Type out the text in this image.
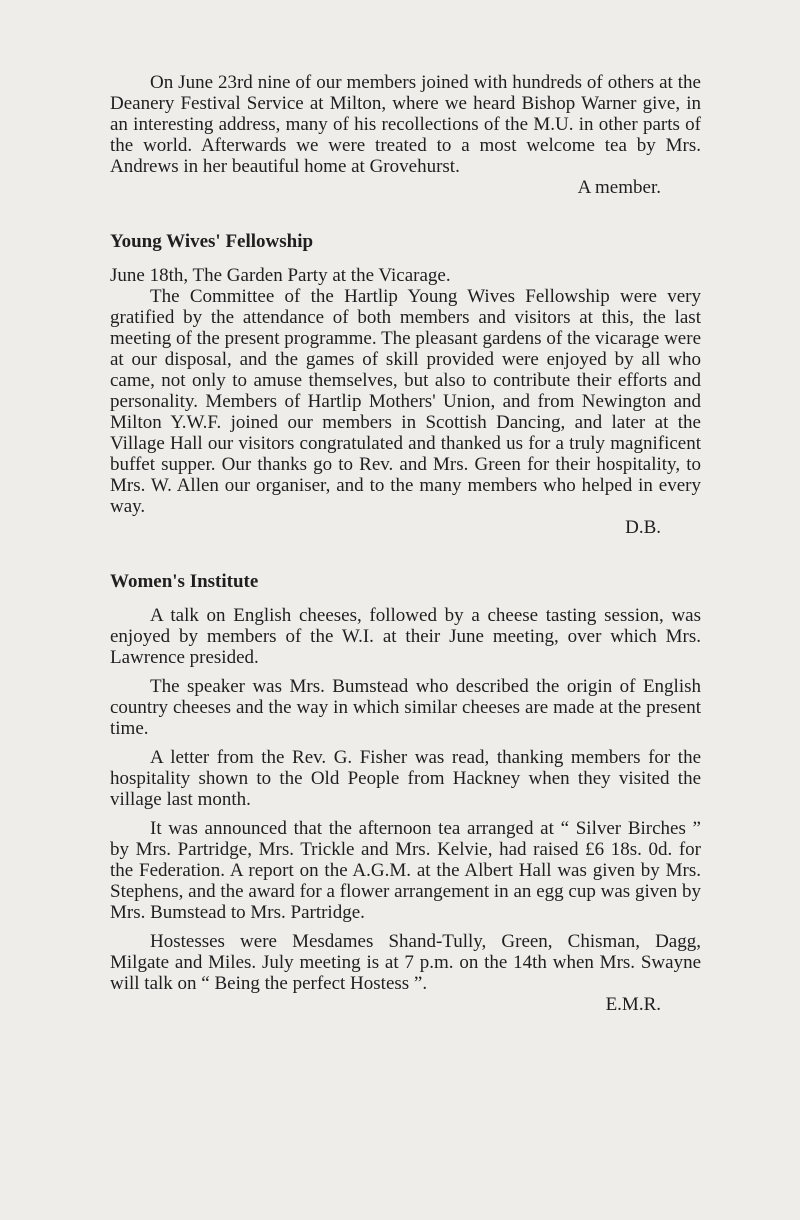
On June 23rd nine of our members joined with hundreds of others at the Deanery Festival Service at Milton, where we heard Bishop Warner give, in an interesting address, many of his recollections of the M.U. in other parts of the world. Afterwards we were treated to a most welcome tea by Mrs. Andrews in her beautiful home at Grovehurst.

A member.

Young Wives' Fellowship

June 18th, The Garden Party at the Vicarage.

The Committee of the Hartlip Young Wives Fellowship were very gratified by the attendance of both members and visitors at this, the last meeting of the present programme. The pleasant gardens of the vicarage were at our disposal, and the games of skill provided were enjoyed by all who came, not only to amuse themselves, but also to contribute their efforts and personality. Members of Hartlip Mothers' Union, and from Newington and Milton Y.W.F. joined our members in Scottish Dancing, and later at the Village Hall our visitors congratulated and thanked us for a truly magnificent buffet supper. Our thanks go to Rev. and Mrs. Green for their hospitality, to Mrs. W. Allen our organiser, and to the many members who helped in every way.

D.B.

Women's Institute

A talk on English cheeses, followed by a cheese tasting session, was enjoyed by members of the W.I. at their June meeting, over which Mrs. Lawrence presided.

The speaker was Mrs. Bumstead who described the origin of English country cheeses and the way in which similar cheeses are made at the present time.

A letter from the Rev. G. Fisher was read, thanking members for the hospitality shown to the Old People from Hackney when they visited the village last month.

It was announced that the afternoon tea arranged at “ Silver Birches ” by Mrs. Partridge, Mrs. Trickle and Mrs. Kelvie, had raised £6 18s. 0d. for the Federation. A report on the A.G.M. at the Albert Hall was given by Mrs. Stephens, and the award for a flower arrangement in an egg cup was given by Mrs. Bumstead to Mrs. Partridge.

Hostesses were Mesdames Shand-Tully, Green, Chisman, Dagg, Milgate and Miles. July meeting is at 7 p.m. on the 14th when Mrs. Swayne will talk on “ Being the perfect Hostess ”.

E.M.R.
